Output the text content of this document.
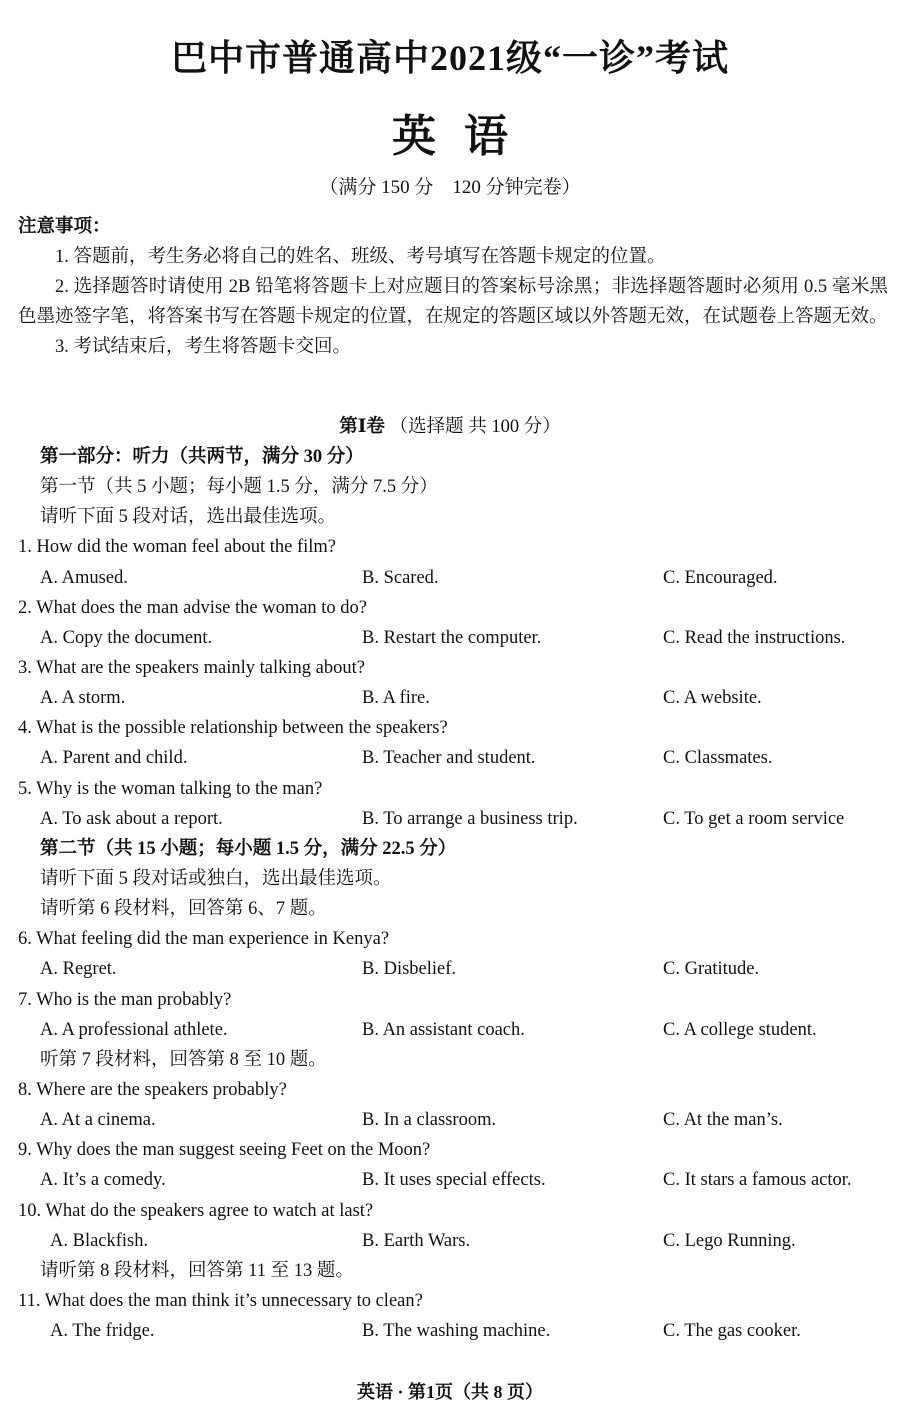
巴中市普通高中2021级“一诊”考试
英语
（满分 150 分　120 分钟完卷）
注意事项：

1. 答题前，考生务必将自己的姓名、班级、考号填写在答题卡规定的位置。

2. 选择题答时请使用 2B 铅笔将答题卡上对应题目的答案标号涂黑；非选择题答题时必须用 0.5 毫米黑色墨迹签字笔，将答案书写在答题卡规定的位置，在规定的答题区域以外答题无效，在试题卷上答题无效。

3. 考试结束后，考生将答题卡交回。

第Ⅰ卷 （选择题 共 100 分）
第一部分：听力（共两节，满分 30 分）
第一节（共 5 小题；每小题 1.5 分，满分 7.5 分）
请听下面 5 段对话，选出最佳选项。
1. How did the woman feel about the film?
A. Amused.	B. Scared.	C. Encouraged.
2. What does the man advise the woman to do?
A. Copy the document.	B. Restart the computer.	C. Read the instructions.
3. What are the speakers mainly talking about?
A. A storm.	B. A fire.	C. A website.
4. What is the possible relationship between the speakers?
A. Parent and child.	B. Teacher and student.	C. Classmates.
5. Why is the woman talking to the man?
A. To ask about a report.	B. To arrange a business trip.	C. To get a room service
第二节（共 15 小题；每小题 1.5 分，满分 22.5 分）
请听下面 5 段对话或独白，选出最佳选项。
请听第 6 段材料，回答第 6、7 题。
6. What feeling did the man experience in Kenya?
A. Regret.	B. Disbelief.	C. Gratitude.
7. Who is the man probably?
A. A professional athlete.	B. An assistant coach.	C. A college student.
听第 7 段材料，回答第 8 至 10 题。
8. Where are the speakers probably?
A. At a cinema.	B. In a classroom.	C. At the man’s.
9. Why does the man suggest seeing Feet on the Moon?
A. It’s a comedy.	B. It uses special effects.	C. It stars a famous actor.
10. What do the speakers agree to watch at last?
A. Blackfish.	B. Earth Wars.	C. Lego Running.
请听第 8 段材料，回答第 11 至 13 题。
11. What does the man think it’s unnecessary to clean?
A. The fridge.	B. The washing machine.	C. The gas cooker.
英语 · 第1页（共 8 页）
